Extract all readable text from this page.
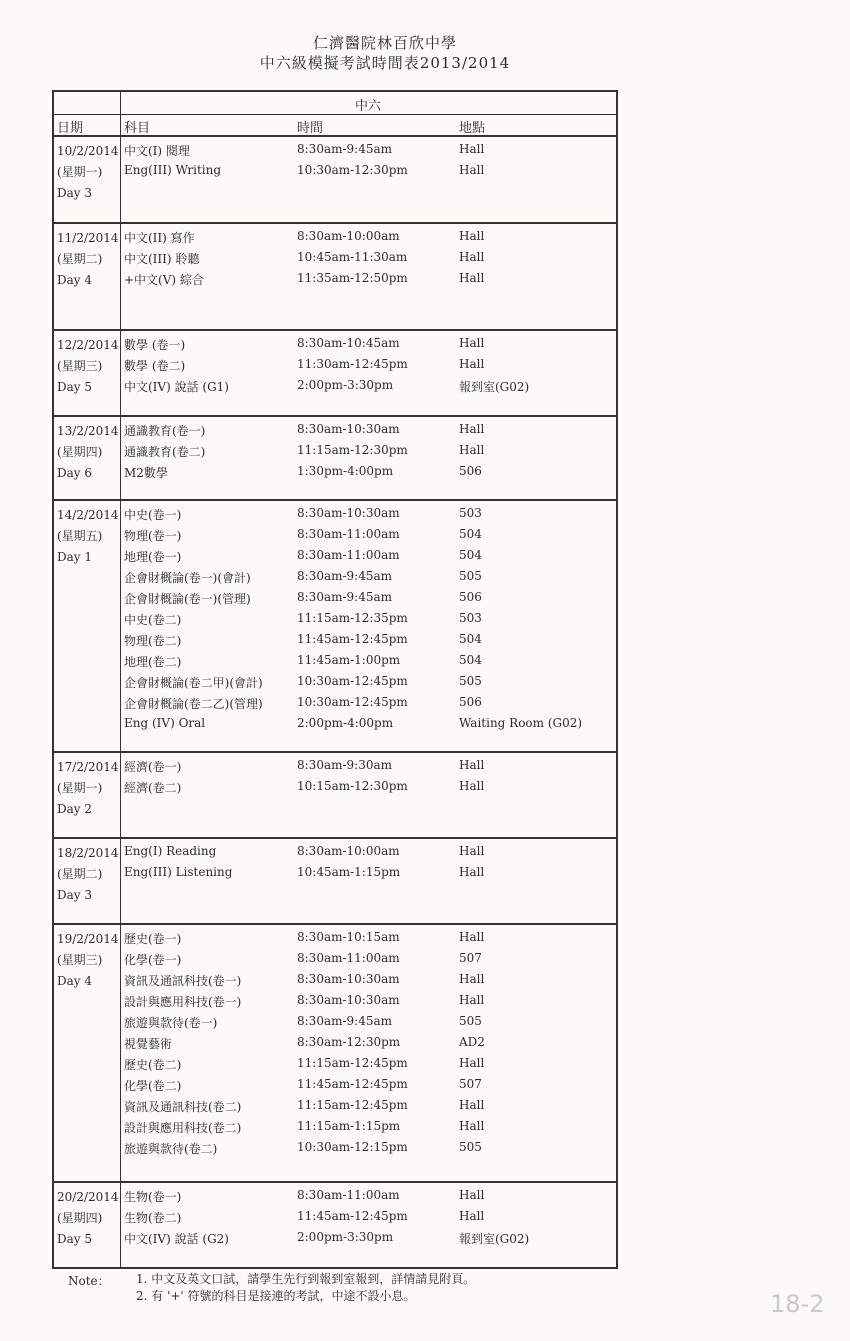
仁濟醫院林百欣中學
中六級模擬考試時間表2013/2014
中六
日期	科目	時間	地點
10/2/2014
(星期一)
Day 3
中文(I) 閱理	8:30am-9:45am	Hall
Eng(III) Writing	10:30am-12:30pm	Hall
11/2/2014
(星期二)
Day 4
中文(II) 寫作	8:30am-10:00am	Hall
中文(III) 聆聽	10:45am-11:30am	Hall
+中文(V) 綜合	11:35am-12:50pm	Hall
12/2/2014
(星期三)
Day 5
數學 (卷一)	8:30am-10:45am	Hall
數學 (卷二)	11:30am-12:45pm	Hall
中文(IV) 說話 (G1)	2:00pm-3:30pm	報到室(G02)
13/2/2014
(星期四)
Day 6
通識教育(卷一)	8:30am-10:30am	Hall
通識教育(卷二)	11:15am-12:30pm	Hall
M2數學	1:30pm-4:00pm	506
14/2/2014
(星期五)
Day 1
中史(卷一)	8:30am-10:30am	503
物理(卷一)	8:30am-11:00am	504
地理(卷一)	8:30am-11:00am	504
企會財概論(卷一)(會計)	8:30am-9:45am	505
企會財概論(卷一)(管理)	8:30am-9:45am	506
中史(卷二)	11:15am-12:35pm	503
物理(卷二)	11:45am-12:45pm	504
地理(卷二)	11:45am-1:00pm	504
企會財概論(卷二甲)(會計)	10:30am-12:45pm	505
企會財概論(卷二乙)(管理)	10:30am-12:45pm	506
Eng (IV) Oral	2:00pm-4:00pm	Waiting Room (G02)
17/2/2014
(星期一)
Day 2
經濟(卷一)	8:30am-9:30am	Hall
經濟(卷二)	10:15am-12:30pm	Hall
18/2/2014
(星期二)
Day 3
Eng(I) Reading	8:30am-10:00am	Hall
Eng(III) Listening	10:45am-1:15pm	Hall
19/2/2014
(星期三)
Day 4
歷史(卷一)	8:30am-10:15am	Hall
化學(卷一)	8:30am-11:00am	507
資訊及通訊科技(卷一)	8:30am-10:30am	Hall
設計與應用科技(卷一)	8:30am-10:30am	Hall
旅遊與款待(卷一)	8:30am-9:45am	505
視覺藝術	8:30am-12:30pm	AD2
歷史(卷二)	11:15am-12:45pm	Hall
化學(卷二)	11:45am-12:45pm	507
資訊及通訊科技(卷二)	11:15am-12:45pm	Hall
設計與應用科技(卷二)	11:15am-1:15pm	Hall
旅遊與款待(卷二)	10:30am-12:15pm	505
20/2/2014
(星期四)
Day 5
生物(卷一)	8:30am-11:00am	Hall
生物(卷二)	11:45am-12:45pm	Hall
中文(IV) 說話 (G2)	2:00pm-3:30pm	報到室(G02)
Note： 1. 中文及英文口試，請學生先行到報到室報到，詳情請見附頁。
2. 有 '+' 符號的科目是接連的考試，中途不設小息。	18-2
